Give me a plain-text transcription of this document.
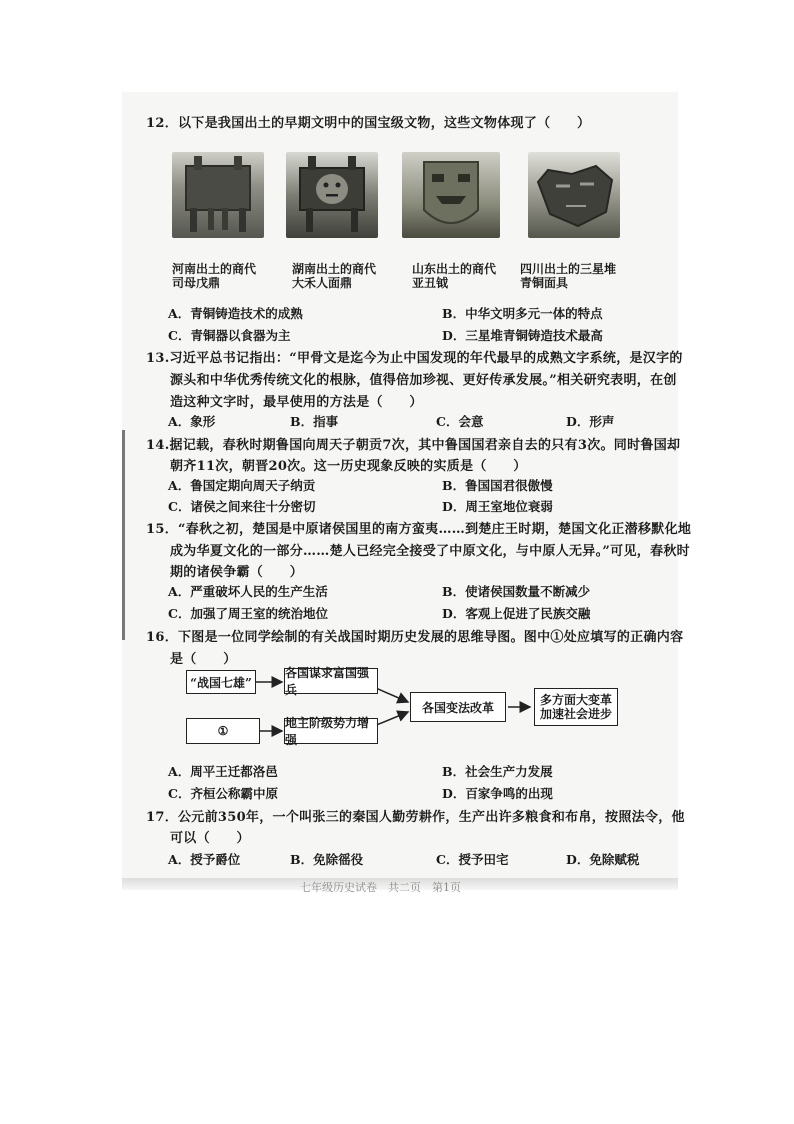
12．以下是我国出土的早期文明中的国宝级文物，这些文物体现了（　　）
河南出土的商代
司母戊鼎
湖南出土的商代
大禾人面鼎
山东出土的商代
亚丑钺
四川出土的三星堆
青铜面具
A．青铜铸造技术的成熟	B．中华文明多元一体的特点
C．青铜器以食器为主	D．三星堆青铜铸造技术最高
13.习近平总书记指出：“甲骨文是迄今为止中国发现的年代最早的成熟文字系统，是汉字的
源头和中华优秀传统文化的根脉，值得倍加珍视、更好传承发展。”相关研究表明，在创
造这种文字时，最早使用的方法是（　　）
A．象形	B．指事	C．会意	D．形声
14.据记载，春秋时期鲁国向周天子朝贡7次，其中鲁国国君亲自去的只有3次。同时鲁国却
朝齐11次，朝晋20次。这一历史现象反映的实质是（　　）
A．鲁国定期向周天子纳贡	B．鲁国国君很傲慢
C．诸侯之间来往十分密切	D．周王室地位衰弱
15．“春秋之初，楚国是中原诸侯国里的南方蛮夷……到楚庄王时期，楚国文化正潜移默化地
成为华夏文化的一部分……楚人已经完全接受了中原文化，与中原人无异。”可见，春秋时
期的诸侯争霸（　　）
A．严重破坏人民的生产生活	B．使诸侯国数量不断减少
C．加强了周王室的统治地位	D．客观上促进了民族交融
16．下图是一位同学绘制的有关战国时期历史发展的思维导图。图中①处应填写的正确内容
是（　　）
“战国七雄”
①
各国谋求富国强兵
地主阶级势力增强
各国变法改革
多方面大变革
加速社会进步
A．周平王迁都洛邑	B．社会生产力发展
C．齐桓公称霸中原	D．百家争鸣的出现
17．公元前350年，一个叫张三的秦国人勤劳耕作，生产出许多粮食和布帛，按照法令，他
可以（　　）
A．授予爵位	B．免除徭役	C．授予田宅	D．免除赋税
七年级历史试卷　共二页　第1页
